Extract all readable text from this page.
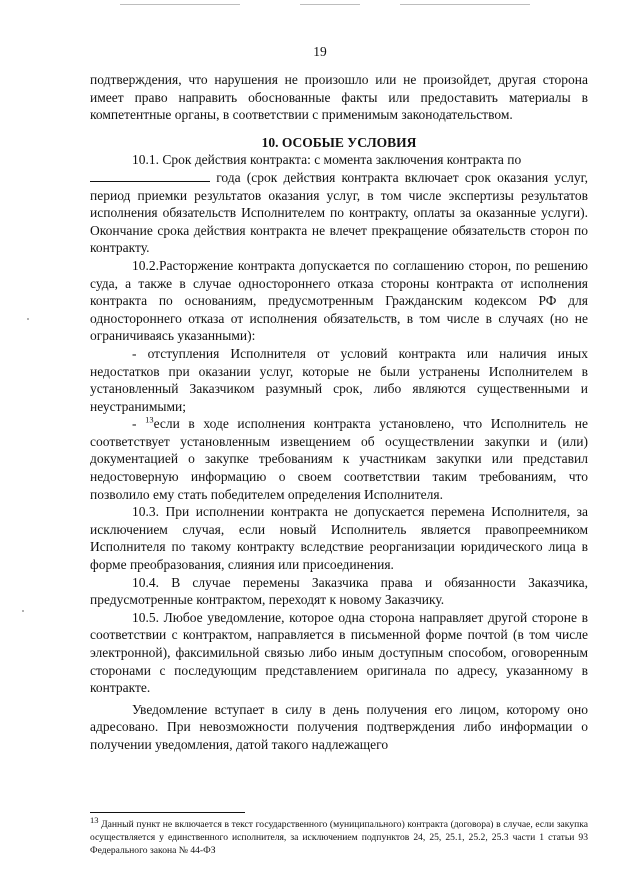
19

подтверждения, что нарушения не произошло или не произойдет, другая сторона имеет право направить обоснованные факты или предоставить материалы в компетентные органы, в соответствии с применимым законодательством.

10. ОСОБЫЕ УСЛОВИЯ

10.1. Срок действия контракта: с момента заключения контракта по

года (срок действия контракта включает срок оказания услуг, период приемки результатов оказания услуг, в том числе экспертизы результатов исполнения обязательств Исполнителем по контракту, оплаты за оказанные услуги). Окончание срока действия контракта не влечет прекращение обязательств сторон по контракту.

10.2.Расторжение контракта допускается по соглашению сторон, по решению суда, а также в случае одностороннего отказа стороны контракта от исполнения контракта по основаниям, предусмотренным Гражданским кодексом РФ для одностороннего отказа от исполнения обязательств, в том числе в случаях (но не ограничиваясь указанными):

- отступления Исполнителя от условий контракта или наличия иных недостатков при оказании услуг, которые не были устранены Исполнителем в установленный Заказчиком разумный срок, либо являются существенными и неустранимыми;

- $^{13}$если в ходе исполнения контракта установлено, что Исполнитель не соответствует установленным извещением об осуществлении закупки и (или) документацией о закупке требованиям к участникам закупки или представил недостоверную информацию о своем соответствии таким требованиям, что позволило ему стать победителем определения Исполнителя.

10.3. При исполнении контракта не допускается перемена Исполнителя, за исключением случая, если новый Исполнитель является правопреемником Исполнителя по такому контракту вследствие реорганизации юридического лица в форме преобразования, слияния или присоединения.

10.4. В случае перемены Заказчика права и обязанности Заказчика, предусмотренные контрактом, переходят к новому Заказчику.

10.5. Любое уведомление, которое одна сторона направляет другой стороне в соответствии с контрактом, направляется в письменной форме почтой (в том числе электронной), факсимильной связью либо иным доступным способом, оговоренным сторонами с последующим представлением оригинала по адресу, указанному в контракте.

Уведомление вступает в силу в день получения его лицом, которому оно адресовано. При невозможности получения подтверждения либо информации о получении уведомления, датой такого надлежащего

$^{13}$ Данный пункт не включается в текст государственного (муниципального) контракта (договора) в случае, если закупка осуществляется у единственного исполнителя, за исключением подпунктов 24, 25, 25.1, 25.2, 25.3 части 1 статьи 93 Федерального закона № 44-ФЗ
